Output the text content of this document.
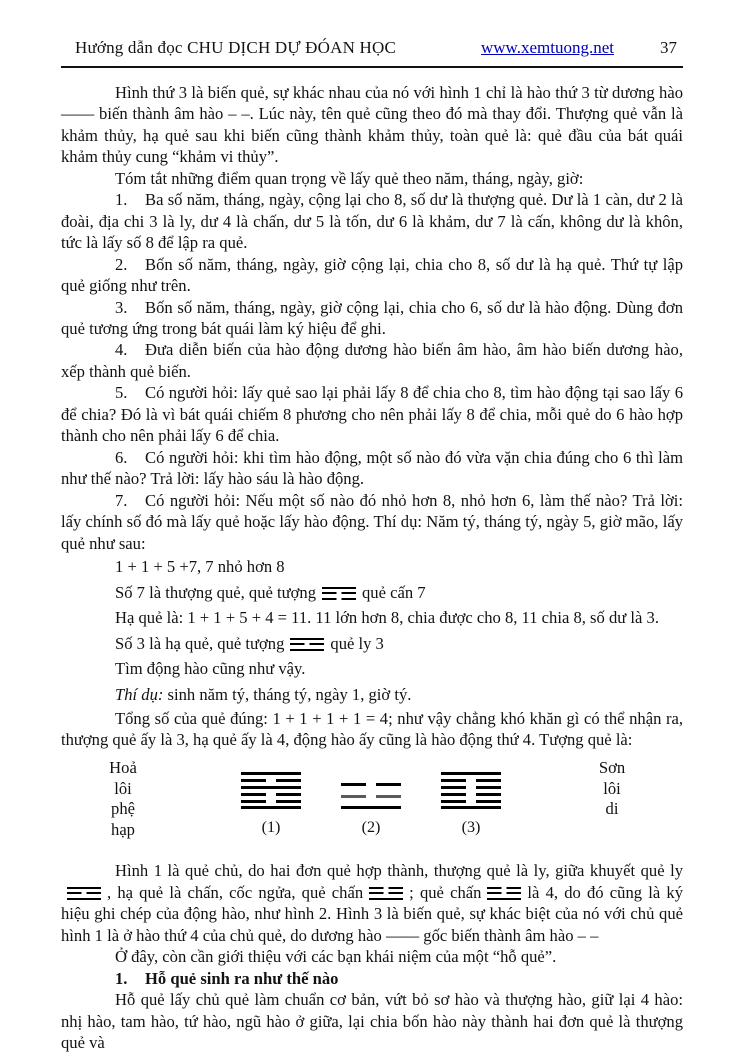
Hướng dẫn đọc CHU DỊCH DỰ ĐÓAN HỌC	www.xemtuong.net	37

Hình thứ 3 là biến quẻ, sự khác nhau của nó với hình 1 chỉ là hào thứ 3 từ dương hào —— biến thành âm hào – –. Lúc này, tên quẻ cũng theo đó mà thay đổi. Thượng quẻ vẫn là khảm thủy, hạ quẻ sau khi biến cũng thành khảm thủy, toàn quẻ là: quẻ đầu của bát quái khảm thủy cung “khảm vi thủy”.

Tóm tắt những điểm quan trọng về lấy quẻ theo năm, tháng, ngày, giờ:

1. Ba số năm, tháng, ngày, cộng lại cho 8, số dư là thượng quẻ. Dư là 1 càn, dư 2 là đoài, địa chi 3 là ly, dư 4 là chấn, dư 5 là tốn, dư 6 là khảm, dư 7 là cấn, không dư là khôn, tức là lấy số 8 để lập ra quẻ.

2. Bốn số năm, tháng, ngày, giờ cộng lại, chia cho 8, số dư là hạ quẻ. Thứ tự lập quẻ giống như trên.

3. Bốn số năm, tháng, ngày, giờ cộng lại, chia cho 6, số dư là hào động. Dùng đơn quẻ tương ứng trong bát quái làm ký hiệu để ghi.

4. Đưa diễn biến của hào động dương hào biến âm hào, âm hào biến dương hào, xếp thành quẻ biến.

5. Có người hỏi: lấy quẻ sao lại phải lấy 8 để chia cho 8, tìm hào động tại sao lấy 6 để chia? Đó là vì bát quái chiếm 8 phương cho nên phải lấy 8 để chia, mỗi quẻ do 6 hào hợp thành cho nên phải lấy 6 để chia.

6. Có người hỏi: khi tìm hào động, một số nào đó vừa vặn chia đúng cho 6 thì làm như thế nào? Trả lời: lấy hào sáu là hào động.

7. Có người hỏi: Nếu một số nào đó nhỏ hơn 8, nhỏ hơn 6, làm thế nào? Trả lời: lấy chính số đó mà lấy quẻ hoặc lấy hào động. Thí dụ: Năm tý, tháng tý, ngày 5, giờ mão, lấy quẻ như sau:

1 + 1 + 5 +7, 7 nhỏ hơn 8

Số 7 là thượng quẻ, quẻ tượng	quẻ cấn 7

Hạ quẻ là: 1 + 1 + 5 + 4 = 11. 11 lớn hơn 8, chia được cho 8, 11 chia 8, số dư là 3.

Số 3 là hạ quẻ, quẻ tượng	quẻ ly 3

Tìm động hào cũng như vậy.

Thí dụ: sinh năm tý, tháng tý, ngày 1, giờ tý.

Tổng số của quẻ đúng: 1 + 1 + 1 + 1 = 4; như vậy chẳng khó khăn gì có thể nhận ra, thượng quẻ ấy là 3, hạ quẻ ấy là 4, động hào ấy cũng là hào động thứ 4. Tượng quẻ là:

Hoả
lôi
phệ
hạp
Sơn
lôi
di
(1)	(2)	(3)

Hình 1 là quẻ chủ, do hai đơn quẻ hợp thành, thượng quẻ là ly, giữa khuyết quẻ ly
, hạ quẻ là chấn, cốc ngửa, quẻ chấn	; quẻ chấn	là 4, do đó cũng là ký hiệu ghi chép của động hào, như hình 2. Hình 3 là biến quẻ, sự khác biệt của nó với chủ quẻ hình 1 là ở hào thứ 4 của chủ quẻ, do dương hào —— gốc biến thành âm hào – –

Ở đây, còn cần giới thiệu với các bạn khái niệm của một “hỗ quẻ”.

1. Hỗ quẻ sinh ra như thế nào

Hỗ quẻ lấy chủ quẻ làm chuẩn cơ bản, vứt bỏ sơ hào và thượng hào, giữ lại 4 hào: nhị hào, tam hào, tứ hào, ngũ hào ở giữa, lại chia bốn hào này thành hai đơn quẻ là thượng quẻ và
